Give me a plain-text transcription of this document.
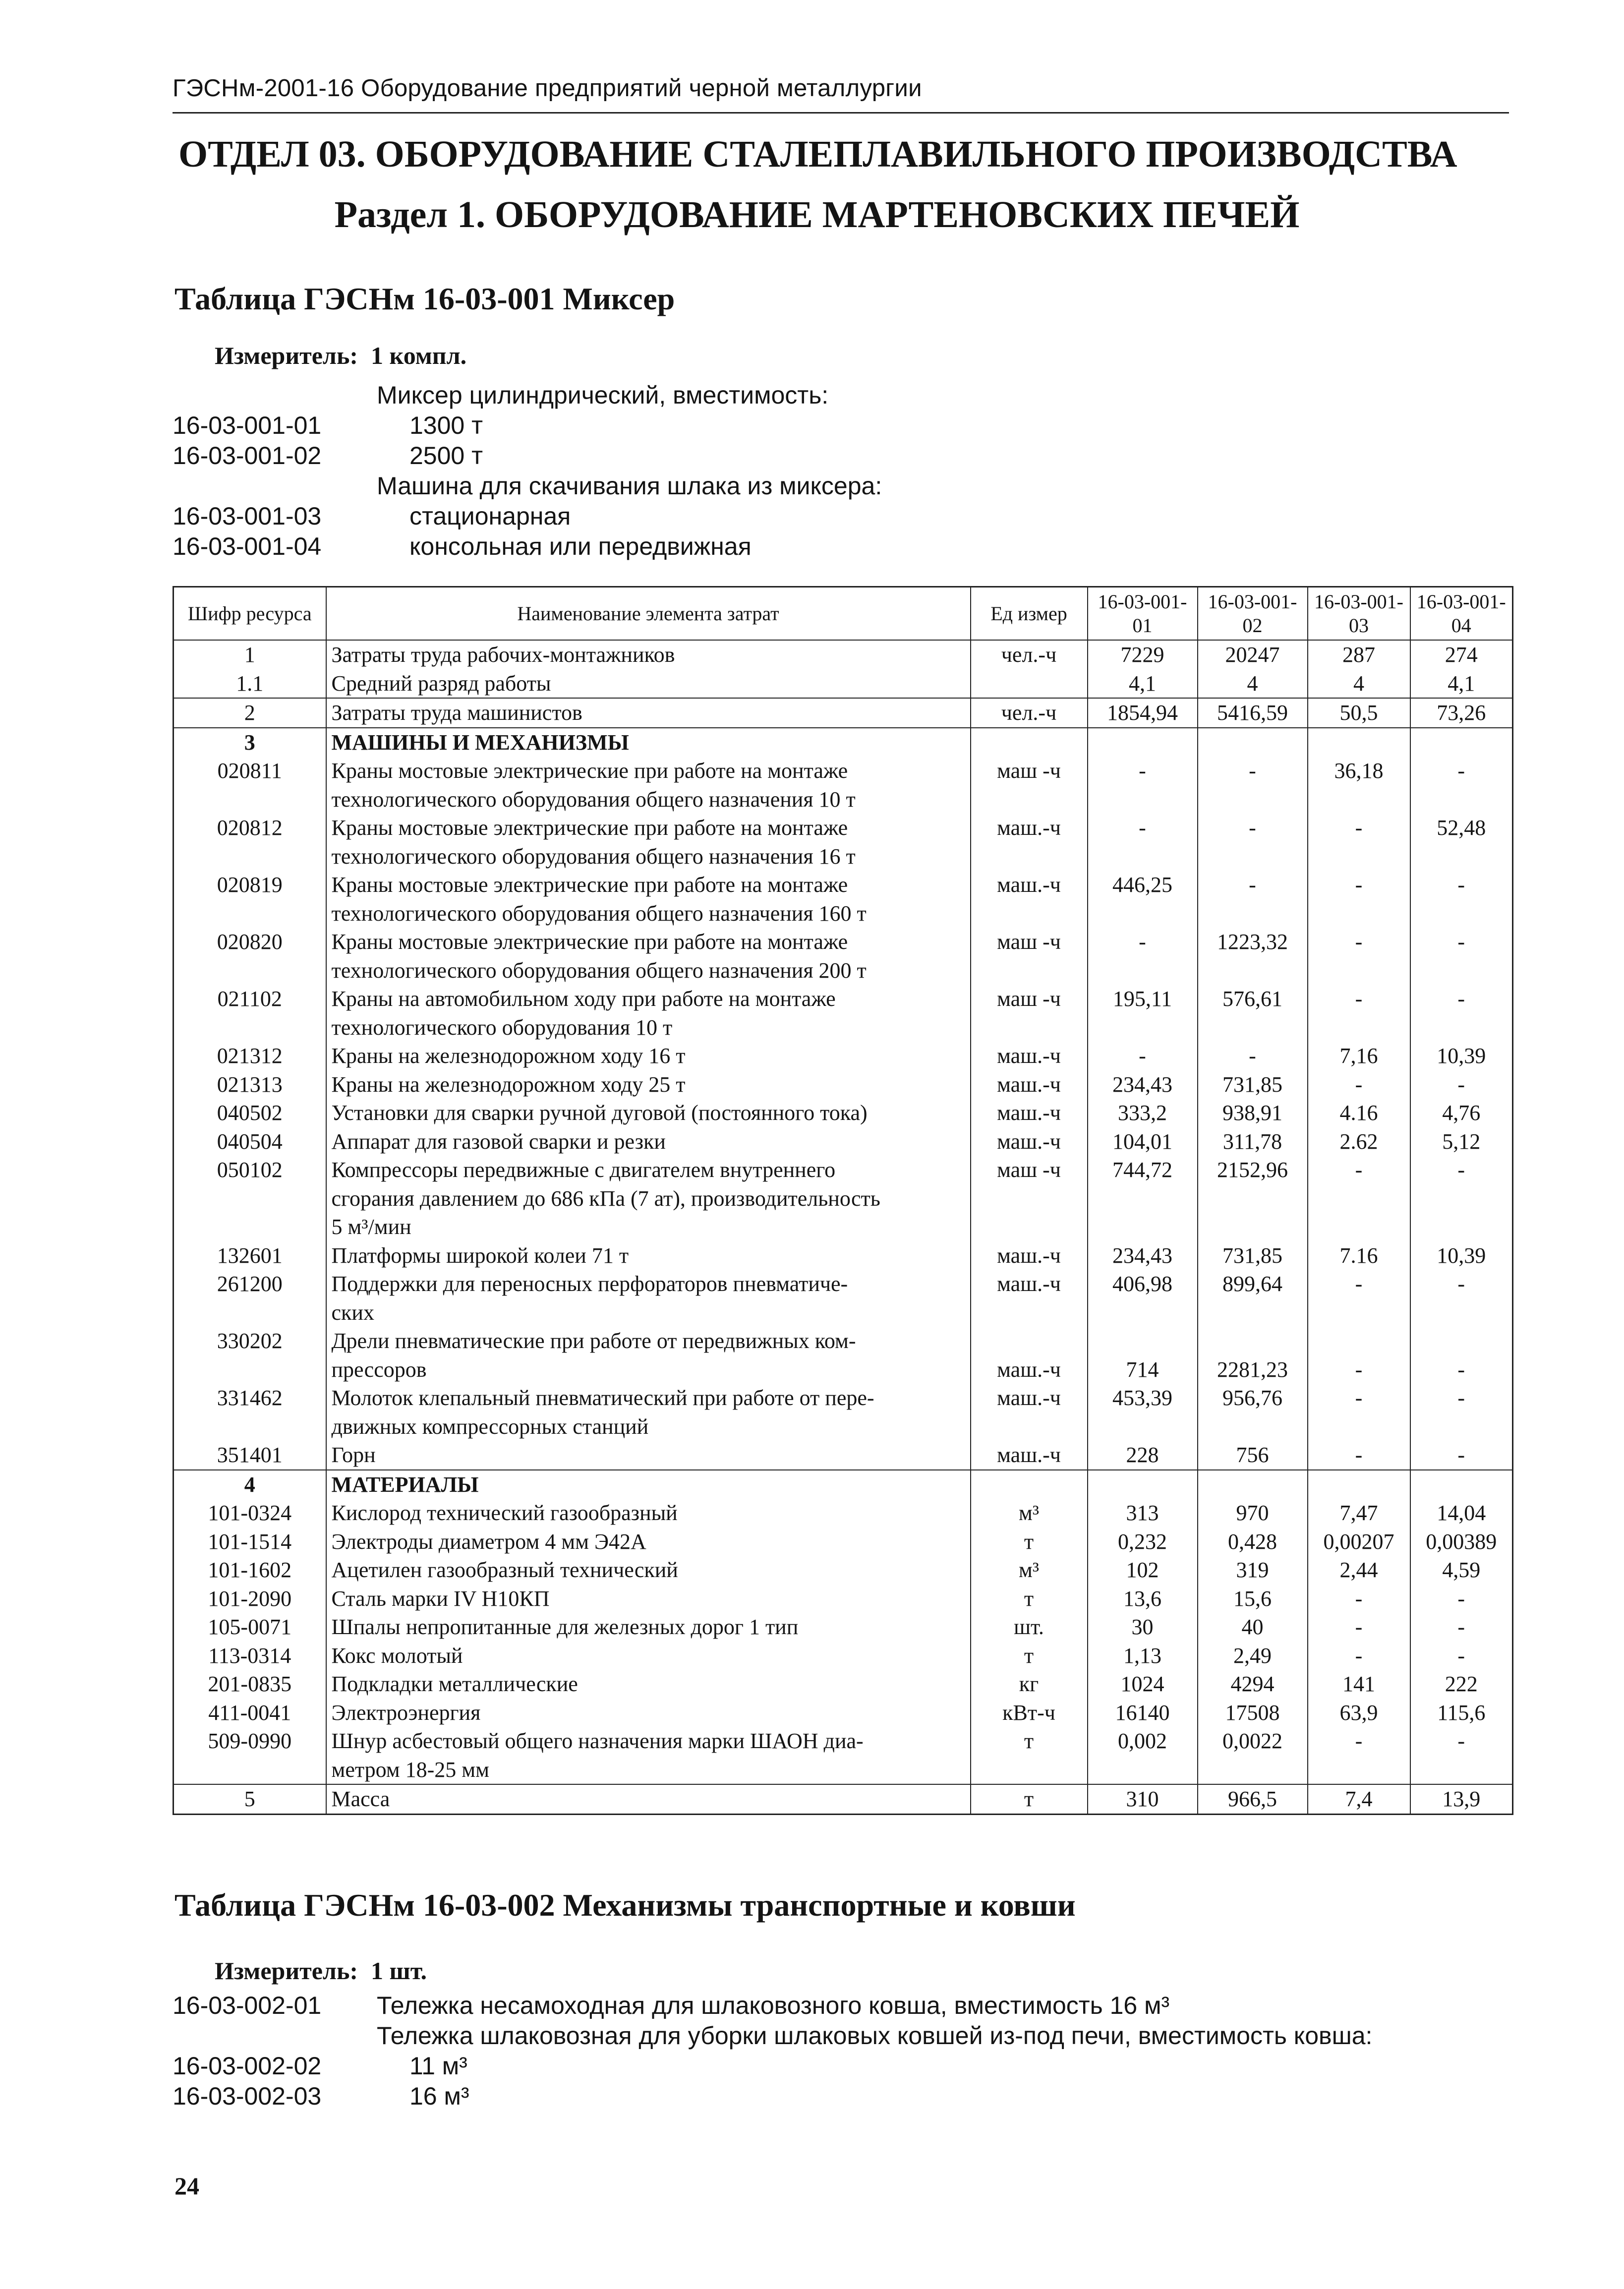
ГЭСНм-2001-16 Оборудование предприятий черной металлургии
ОТДЕЛ 03. ОБОРУДОВАНИЕ СТАЛЕПЛАВИЛЬНОГО ПРОИЗВОДСТВА
Раздел 1. ОБОРУДОВАНИЕ МАРТЕНОВСКИХ ПЕЧЕЙ
Таблица ГЭСНм 16-03-001 Миксер
Измеритель: 1 компл.
Миксер цилиндрический, вместимость:
16-03-001-01	1300 т
16-03-001-02	2500 т
Машина для скачивания шлака из миксера:
16-03-001-03	стационарная
16-03-001-04	консольная или передвижная
Шифр ресурса	Наименование элемента затрат	Ед измер	16-03-001-01	16-03-001-02	16-03-001-03	16-03-001-04
1	Затраты труда рабочих-монтажников	чел.-ч	7229	20247	287	274
1.1	Средний разряд работы		4,1	4	4	4,1
2	Затраты труда машинистов	чел.-ч	1854,94	5416,59	50,5	73,26
3	МАШИНЫ И МЕХАНИЗМЫ					
020811	Краны мостовые электрические при работе на монтаже	маш -ч	-	-	36,18	-
	технологического оборудования общего назначения 10 т					
020812	Краны мостовые электрические при работе на монтаже	маш.-ч	-	-	-	52,48
	технологического оборудования общего назначения 16 т					
020819	Краны мостовые электрические при работе на монтаже	маш.-ч	446,25	-	-	-
	технологического оборудования общего назначения 160 т					
020820	Краны мостовые электрические при работе на монтаже	маш -ч	-	1223,32	-	-
	технологического оборудования общего назначения 200 т					
021102	Краны на автомобильном ходу при работе на монтаже	маш -ч	195,11	576,61	-	-
	технологического оборудования 10 т					
021312	Краны на железнодорожном ходу 16 т	маш.-ч	-	-	7,16	10,39
021313	Краны на железнодорожном ходу 25 т	маш.-ч	234,43	731,85	-	-
040502	Установки для сварки ручной дуговой (постоянного тока)	маш.-ч	333,2	938,91	4.16	4,76
040504	Аппарат для газовой сварки и резки	маш.-ч	104,01	311,78	2.62	5,12
050102	Компрессоры передвижные с двигателем внутреннего	маш -ч	744,72	2152,96	-	-
	сгорания давлением до 686 кПа (7 ат), производительность					
	5 м³/мин					
132601	Платформы широкой колеи 71 т	маш.-ч	234,43	731,85	7.16	10,39
261200	Поддержки для переносных перфораторов пневматиче-	маш.-ч	406,98	899,64	-	-
	ских					
330202	Дрели пневматические при работе от передвижных ком-					
	прессоров	маш.-ч	714	2281,23	-	-
331462	Молоток клепальный пневматический при работе от пере-	маш.-ч	453,39	956,76	-	-
	движных компрессорных станций					
351401	Горн	маш.-ч	228	756	-	-
4	МАТЕРИАЛЫ					
101-0324	Кислород технический газообразный	м³	313	970	7,47	14,04
101-1514	Электроды диаметром 4 мм Э42А	т	0,232	0,428	0,00207	0,00389
101-1602	Ацетилен газообразный технический	м³	102	319	2,44	4,59
101-2090	Сталь марки IV Н10КП	т	13,6	15,6	-	-
105-0071	Шпалы непропитанные для железных дорог 1 тип	шт.	30	40	-	-
113-0314	Кокс молотый	т	1,13	2,49	-	-
201-0835	Подкладки металлические	кг	1024	4294	141	222
411-0041	Электроэнергия	кВт-ч	16140	17508	63,9	115,6
509-0990	Шнур асбестовый общего назначения марки ШАОН диа-	т	0,002	0,0022	-	-
	метром 18-25 мм					
5	Масса	т	310	966,5	7,4	13,9
Таблица ГЭСНм 16-03-002 Механизмы транспортные и ковши
Измеритель: 1 шт.
16-03-002-01 Тележка несамоходная для шлаковозного ковша, вместимость 16 м³
Тележка шлаковозная для уборки шлаковых ковшей из-под печи, вместимость ковша:
16-03-002-02	11 м³
16-03-002-03	16 м³
24
